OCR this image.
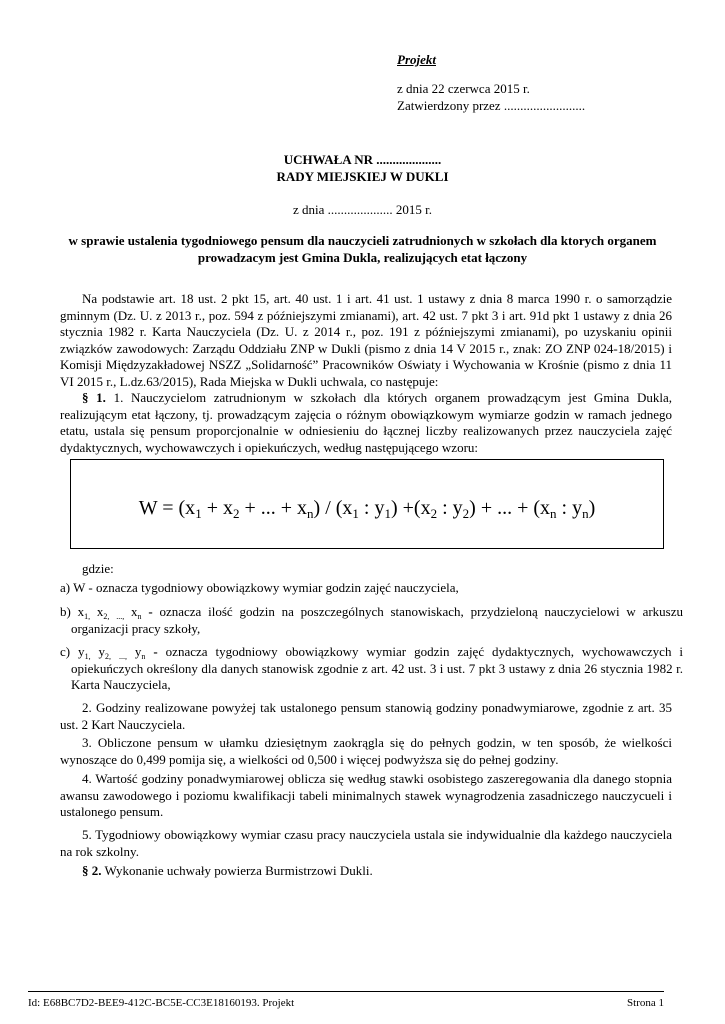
Projekt
z dnia 22 czerwca 2015 r.
Zatwierdzony przez .........................
UCHWAŁA NR ....................
RADY MIEJSKIEJ W DUKLI
z dnia .................... 2015 r.
w sprawie ustalenia tygodniowego pensum dla nauczycieli zatrudnionych w szkołach dla ktorych organem prowadzacym jest Gmina Dukla, realizujących etat łączony
Na podstawie art. 18 ust. 2 pkt 15, art. 40 ust. 1 i art. 41 ust. 1 ustawy z dnia 8 marca 1990 r. o samorządzie gminnym (Dz. U. z 2013 r., poz. 594 z późniejszymi zmianami), art. 42 ust. 7 pkt 3 i art. 91d pkt 1 ustawy z dnia 26 stycznia 1982 r. Karta Nauczyciela (Dz. U. z 2014 r., poz. 191 z późniejszymi zmianami), po uzyskaniu opinii związków zawodowych: Zarządu Oddziału ZNP w Dukli (pismo z dnia 14 V 2015 r., znak: ZO ZNP 024-18/2015) i Komisji Międzyzakładowej NSZZ „Solidarność” Pracowników Oświaty i Wychowania w Krośnie (pismo z dnia 11 VI 2015 r., L.dz.63/2015), Rada Miejska w Dukli uchwala, co następuje:
§ 1. 1. Nauczycielom zatrudnionym w szkołach dla których organem prowadzącym jest Gmina Dukla, realizującym etat łączony, tj. prowadzącym zajęcia o różnym obowiązkowym wymiarze godzin w ramach jednego etatu, ustala się pensum proporcjonalnie w odniesieniu do łącznej liczby realizowanych przez nauczyciela zajęć dydaktycznych, wychowawczych i opiekuńczych, według następującego wzoru:
$W = (x_1 + x_2$ + ... + $x_n) / (x_1$ : $y_1) +(x_2$ : $y_2$) + ... + ($x_n$ : $y_n$)
gdzie:
a) W - oznacza tygodniowy obowiązkowy wymiar godzin zajęć nauczyciela,
b) $x_{1,}$ $x_{2,}$ $_{...,}$ $x_n$ - oznacza ilość godzin na poszczególnych stanowiskach, przydzieloną nauczycielowi w arkuszu organizacji pracy szkoły,
c) $y_{1,}$ $y_{2,}$ $_{...,}$ $y_n$ - oznacza tygodniowy obowiązkowy wymiar godzin zajęć dydaktycznych, wychowawczych i opiekuńczych określony dla danych stanowisk zgodnie z art. 42 ust. 3 i ust. 7 pkt 3 ustawy z dnia 26 stycznia 1982 r. Karta Nauczyciela,
2. Godziny realizowane powyżej tak ustalonego pensum stanowią godziny ponadwymiarowe, zgodnie z art. 35 ust. 2 Kart Nauczyciela.
3. Obliczone pensum w ułamku dziesiętnym zaokrągla się do pełnych godzin, w ten sposób, że wielkości wynoszące do 0,499 pomija się, a wielkości od 0,500 i więcej podwyższa się do pełnej godziny.
4. Wartość godziny ponadwymiarowej oblicza się według stawki osobistego zaszeregowania dla danego stopnia awansu zawodowego i poziomu kwalifikacji tabeli minimalnych stawek wynagrodzenia zasadniczego nauczycueli i ustalonego pensum.
5. Tygodniowy obowiązkowy wymiar czasu pracy nauczyciela ustala sie indywidualnie dla każdego nauczyciela na rok szkolny.
§ 2. Wykonanie uchwały powierza Burmistrzowi Dukli.
Id: E68BC7D2-BEE9-412C-BC5E-CC3E18160193. Projekt	Strona 1
